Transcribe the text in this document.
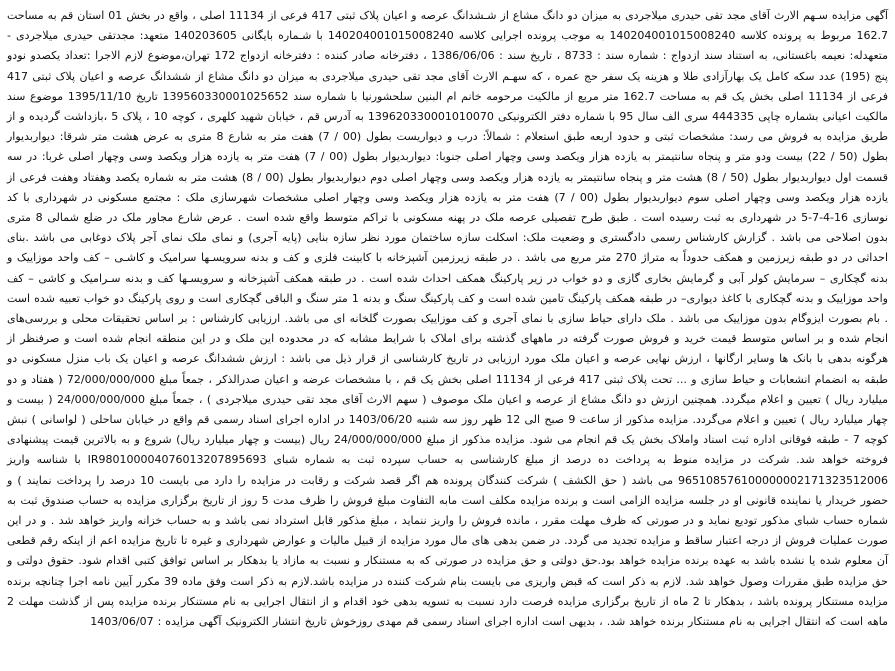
آگهی مزایده سـهم الارث آقای مجد تقی حیدری میلاجردی به میزان دو دانگ مشاع از شـشدانگ عرصه و اعیان پلاک ثبتی 417 فرعی از 11134 اصلی ، واقع در بخش 01 استان قم به مساحت 162.7 مربوط به پرونده کلاسه 140204001015008240 به موجب پرونده اجرایی کلاسه 140204001015008240 با شـماره بایگانی 140203605 متعهد: مجدتقی حیدری میلاجردی - متعهدله: نعیمه باغستانی، به استناد سند ازدواج : شماره سند : 8733 ، تاریخ سند : 1386/06/06 ، دفترخانه صادر کننده : دفترخانه ازدواج 172 تهران،موضوع لازم الاجرا :تعداد یکصدو نودو پنج (195) عدد سکه کامل یک بهارآزادی طلا و هزینه یک سفر حج عمره ، که سهـم الارث آقای مجد تقی حیدری میلاجردی به میزان دو دانگ مشاع از ششدانگ عرصه و اعیان پلاک ثبتی 417 فرعی از 11134 اصلی بخش یک قم به مساحت 162.7 متر مربع از مالکیت مرحومه خانم ام البنین سلحشورنیا با شماره سند 139560330001025652 تاریخ 1395/11/10 موضوع سند مالکیت اعیانی بشماره چاپی 444335 سری الف سال 95 با شماره دفتر الکترونیکی 139620330001010070 به آدرس قم ، خیابان شهید کلهری ، کوچه 10 ، پلاک 5 ،بازداشت گردیده و از طریق مزایده به فروش می رسد: مشخصات ثبتی و حدود اربعه طبق استعلام : شمالاً: درب و دیواریست بطول (00 / 7) هفت متر به شارع 8 متری به عرض هشت متر شرقا: دیواربدیوار بطول (50 / 22) بیست ودو متر و پنجاه سانتیمتر به یازده هزار ویکصد وسی وچهار اصلی جنوبا: دیواربدیوار بطول (00 / 7) هفت متر به یازده هزار ویکصد وسی وچهار اصلی غربا: در سه قسمت اول دیواربدیوار بطول (50 / 8) هشت متر و پنجاه سانتیمتر به یازده هزار ویکصد وسی وچهار اصلی دوم دیواربدیوار بطول (00 / 8) هشت متر به شماره یکصد وهفتاد وهفت فرعی از یازده هزار ویکصد وسی وچهار اصلی سوم دیواربدیوار بطول (00 / 7) هفت متر به یازده هزار ویکصد وسی وچهار اصلی مشخصات شهرسازی ملک : مجتمع مسکونی در شهرداری با کد نوسازی 16-4-7-5 در شهرداری به ثبت رسیده است . طبق طرح تفصیلی عرصه ملک در پهنه مسکونی با تراکم متوسط واقع شده است . عرض شارع مجاور ملک در ضلع شمالی 8 متری بدون اصلاحی می باشد . گزارش کارشناس رسمی دادگستری و وضعیت ملک: اسکلت سازه ساختمان مورد نظر سازه بنایی (پایه آجری) و نمای ملک نمای آجر پلاک دوغابی می باشد .بنای احداثی در دو طبقه زیرزمین و همکف حدوداً به متراژ 270 متر مربع می باشد . در طبقه زیرزمین آشپزخانه با کابینت فلزی و کف و بدنه سرویسـها سرامیک و کاشـی – کف واحد موزاییک و بدنه گچکاری – سرمایش کولر آبی و گرمایش بخاری گازی و دو خواب در زیر پارکینگ همکف احداث شده است . در طبقه همکف آشپزخانه و سرویسـها کف و بدنه سـرامیک و کاشی – کف واحد موزاییک و بدنه گچکاری با کاغذ دیواری– در طبقه همکف پارکینگ تامین شده است و کف پارکینگ سنگ و بدنه 1 متر سنگ و الباقی گچکاری است و روی پارکینگ دو خواب تعبیه شده است . بام بصورت ایزوگام بدون موزاییک می باشد . ملک دارای حیاط سازی با نمای آجری و کف موزاییک بصورت گلخانه ای می باشد. ارزیابی کارشناس : بر اساس تحقیقات محلی و بررسی‌های انجام شده و بر اساس متوسط قیمت خرید و فروش صورت گرفته در ماههای گذشته برای املاک با شرایط مشابه که در محدوده این ملک و در این منطقه انجام شده است و صرفنظر از هرگونه بدهی با بانک ها وسایر ارگانها ، ارزش نهایی عرصه و اعیان ملک مورد ارزیابی در تاریخ کارشناسی از قرار ذیل می باشد : ارزش ششدانگ عرصه و اعیان یک باب منزل مسکونی دو طبقه به انضمام انشعابات و حیاط سازی و ... تحت پلاک ثبتی 417 فرعی از 11134 اصلی بخش یک قم ، با مشخصات عرضه و اعیان صدرالذکر ، جمعاً مبلغ 72/000/000/000 ( هفتاد و دو میلیارد ریال ) تعیین و اعلام میگردد. همچنین ارزش دو دانگ مشاع از عرصه و اعیان ملک موصوف ( سهم الارث آقای مجد تقی حیدری میلاجردی ) ، جمعاً مبلغ 24/000/000/000 ( بیست و چهار میلیارد ریال ) تعیین و اعلام می‌گردد. مزایده مذکور از ساعت 9 صبح الی 12 ظهر روز سه شنبه 1403/06/20 در اداره اجرای اسناد رسمی قم واقع در خیابان ساحلی ( لواسانی ) نبش کوچه 7 - طبقه فوقانی اداره ثبت اسناد واملاک بخش یک قم انجام می شود. مزایده مذکور از مبلغ 24/000/000/000 ریال (بیست و چهار میلیارد ریال) شروع و به بالاترین قیمت پیشنهادی فروخته خواهد شد. شرکت در مزایده منوط به پرداخت ده درصد از مبلغ کارشناسی به حساب سپرده ثبت به شماره شبای IR980100004076013207895693 با شناسه واریز 965108576100000002171323512006 می باشد ( حق الکشف ) شرکت کنندگان پرونده هم اگر قصد شرکت و رقابت در مزایده را دارد می بایست 10 درصد را پرداخت نمایند ) و حضور خریدار یا نماینده قانونی او در جلسه مزایده الزامی است و برنده مزایده مکلف است مابه التفاوت مبلغ فروش را ظرف مدت 5 روز از تاریخ برگزاری مزایده به حساب صندوق ثبت به شماره حساب شبای مذکور تودیع نماید و در صورتی که ظرف مهلت مقرر ، مانده فروش را واریز ننماید ، مبلغ مذکور قابل استرداد نمی باشد و به حساب خزانه واریز خواهد شد . و در این صورت عملیات فروش از درجه اعتبار ساقط و مزایده تجدید می گردد. در ضمن بدهی های مال مورد مزایده از قبیل مالیات و عوارض شهرداری و غیره تا تاریخ مزایده اعم از اینکه رقم قطعی آن معلوم شده یا نشده باشد به عهده برنده مزایده خواهد بود.حق دولتی و حق مزایده در صورتی که به مستنکار و نسبت به مازاد یا بدهکار بر اساس توافق کتبی اقدام شود. حقوق دولتی و حق مزایده طبق مقررات وصول خواهد شد. لازم به ذکر است که قبض واریزی می بایست بنام شرکت کننده در مزایده باشد.لازم به ذکر است وفق ماده 39 مکرر آیین نامه اجرا چنانچه برنده مزایده مستنکار پرونده باشد ، بدهکار تا 2 ماه از تاریخ برگزاری مزایده فرصت دارد نسبت به تسویه بدهی خود اقدام و از انتقال اجرایی به نام مستنکار برنده مزایده پس از گذشت مهلت 2 ماهه است که انتقال اجرایی به نام مستنکار برنده خواهد شد. ، بدیهی است اداره اجرای اسناد رسمی قم مهدی روزخوش تاریخ انتشار الکترونیک آگهی مزایده : 1403/06/07
